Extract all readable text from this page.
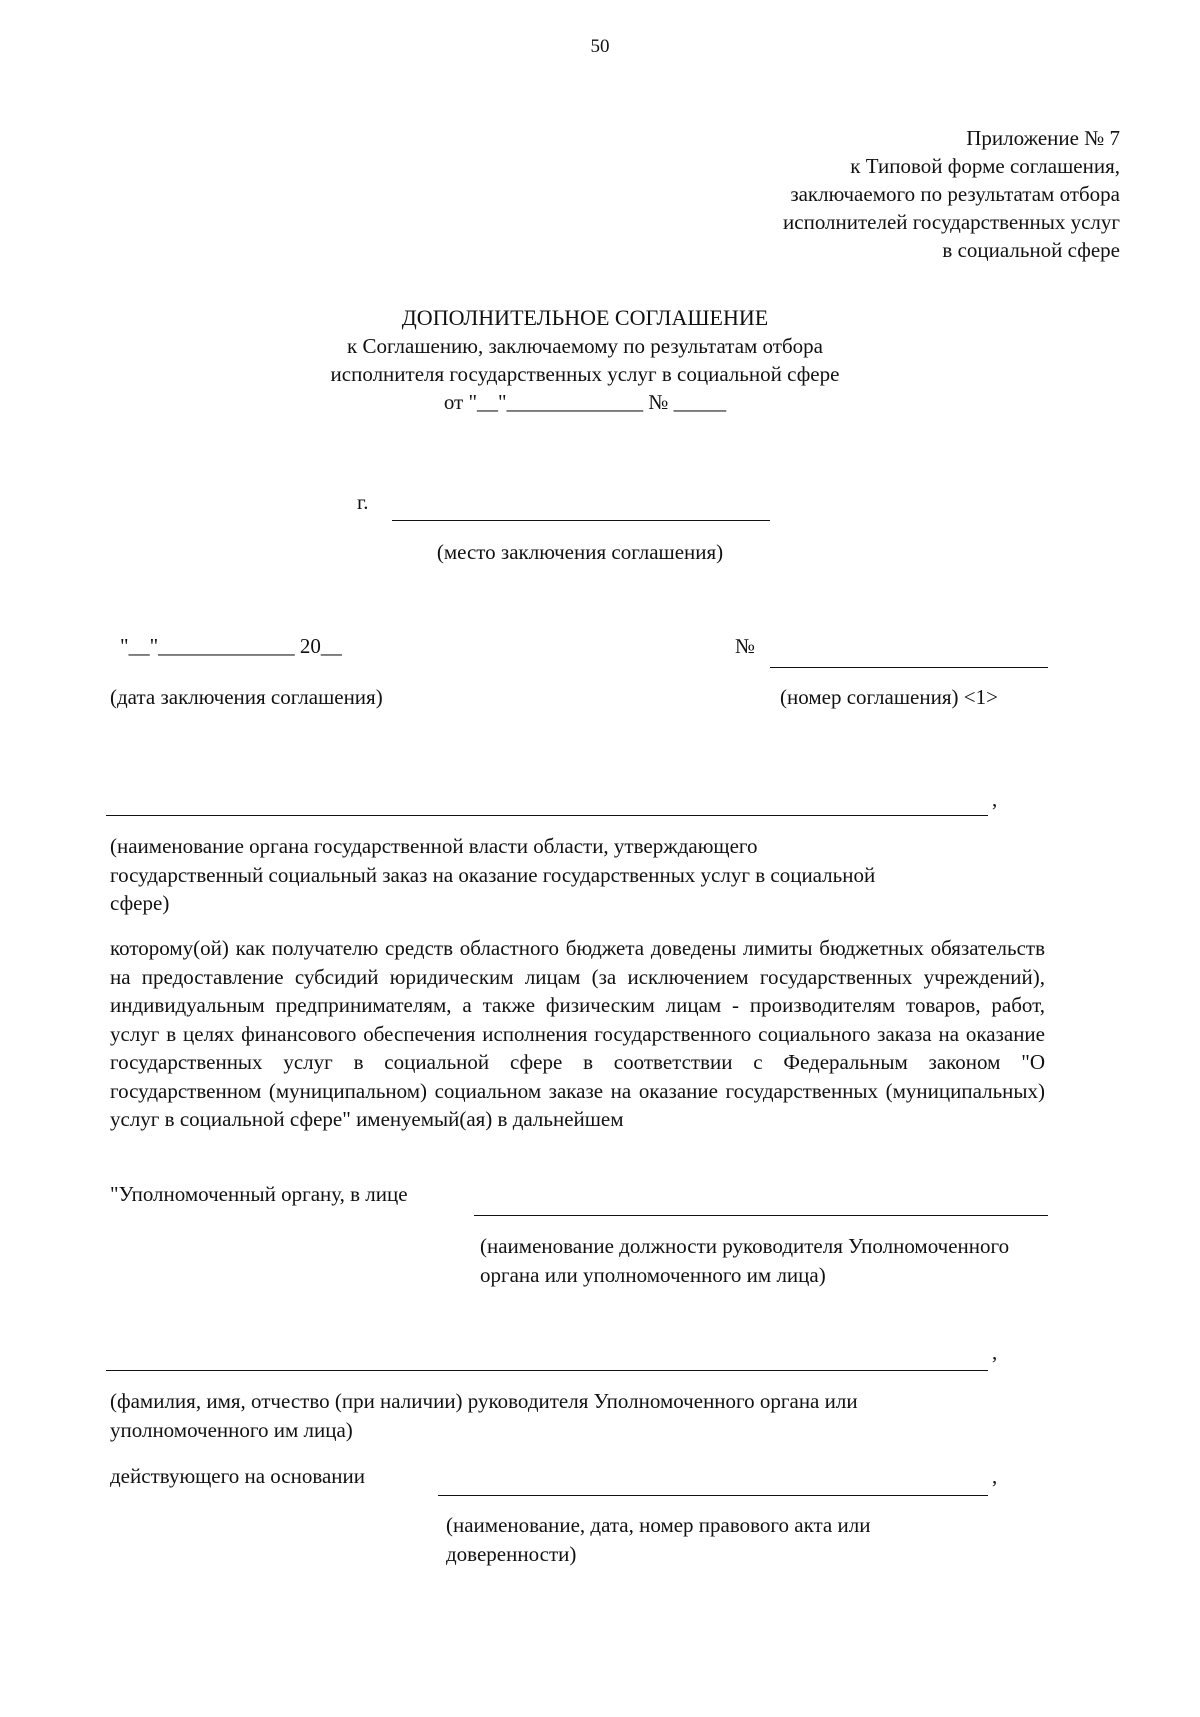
50
Приложение № 7
к Типовой форме соглашения,
заключаемого по результатам отбора
исполнителей государственных услуг
в социальной сфере
ДОПОЛНИТЕЛЬНОЕ СОГЛАШЕНИЕ
к Соглашению, заключаемому по результатам отбора
исполнителя государственных услуг в социальной сфере
от "__"_____________ № _____
г.
(место заключения соглашения)
"__"_____________ 20__
(дата заключения соглашения)
№
(номер соглашения) <1>
,
(наименование органа государственной власти области, утверждающего государственный социальный заказ на оказание государственных услуг в социальной сфере)
которому(ой) как получателю средств областного бюджета доведены лимиты бюджетных обязательств на предоставление субсидий юридическим лицам (за исключением государственных учреждений), индивидуальным предпринимателям, а также физическим лицам - производителям товаров, работ, услуг в целях финансового обеспечения исполнения государственного социального заказа на оказание государственных услуг в социальной сфере в соответствии с Федеральным законом "О государственном (муниципальном) социальном заказе на оказание государственных (муниципальных) услуг в социальной сфере" именуемый(ая) в дальнейшем
"Уполномоченный органу, в лице
(наименование должности руководителя Уполномоченного органа или уполномоченного им лица)
,
(фамилия, имя, отчество (при наличии) руководителя Уполномоченного органа или уполномоченного им лица)
действующего на основании	,
(наименование, дата, номер правового акта или доверенности)
